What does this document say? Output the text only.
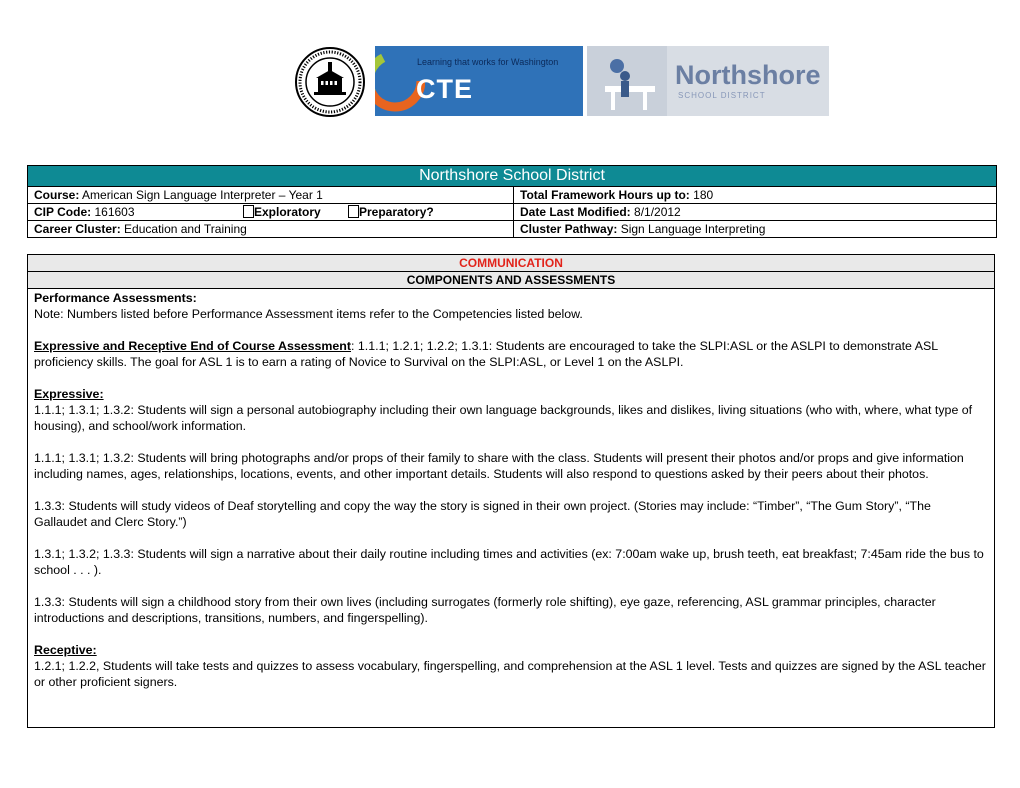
Learning that works for Washington
CTE	Northshore
SCHOOL DISTRICT
Northshore School District
Course: American Sign Language Interpreter – Year 1	Total Framework Hours up to: 180
CIP Code: 161603	Exploratory	Preparatory?	Date Last Modified: 8/1/2012
Career Cluster: Education and Training	Cluster Pathway: Sign Language Interpreting
COMMUNICATION
COMPONENTS AND ASSESSMENTS

Performance Assessments:

Note: Numbers listed before Performance Assessment items refer to the Competencies listed below.

Expressive and Receptive End of Course Assessment: 1.1.1; 1.2.1; 1.2.2; 1.3.1: Students are encouraged to take the SLPI:ASL or the ASLPI to demonstrate ASL proficiency skills. The goal for ASL 1 is to earn a rating of Novice to Survival on the SLPI:ASL, or Level 1 on the ASLPI.

Expressive:

1.1.1; 1.3.1; 1.3.2: Students will sign a personal autobiography including their own language backgrounds, likes and dislikes, living situations (who with, where, what type of housing), and school/work information.

1.1.1; 1.3.1; 1.3.2: Students will bring photographs and/or props of their family to share with the class. Students will present their photos and/or props and give information including names, ages, relationships, locations, events, and other important details. Students will also respond to questions asked by their peers about their photos.

1.3.3: Students will study videos of Deaf storytelling and copy the way the story is signed in their own project. (Stories may include: “Timber”, “The Gum Story”, “The Gallaudet and Clerc Story.”)

1.3.1; 1.3.2; 1.3.3: Students will sign a narrative about their daily routine including times and activities (ex: 7:00am wake up, brush teeth, eat breakfast; 7:45am ride the bus to school . . . ).

1.3.3: Students will sign a childhood story from their own lives (including surrogates (formerly role shifting), eye gaze, referencing, ASL grammar principles, character introductions and descriptions, transitions, numbers, and fingerspelling).

Receptive:

1.2.1; 1.2.2, Students will take tests and quizzes to assess vocabulary, fingerspelling, and comprehension at the ASL 1 level. Tests and quizzes are signed by the ASL teacher or other proficient signers.
